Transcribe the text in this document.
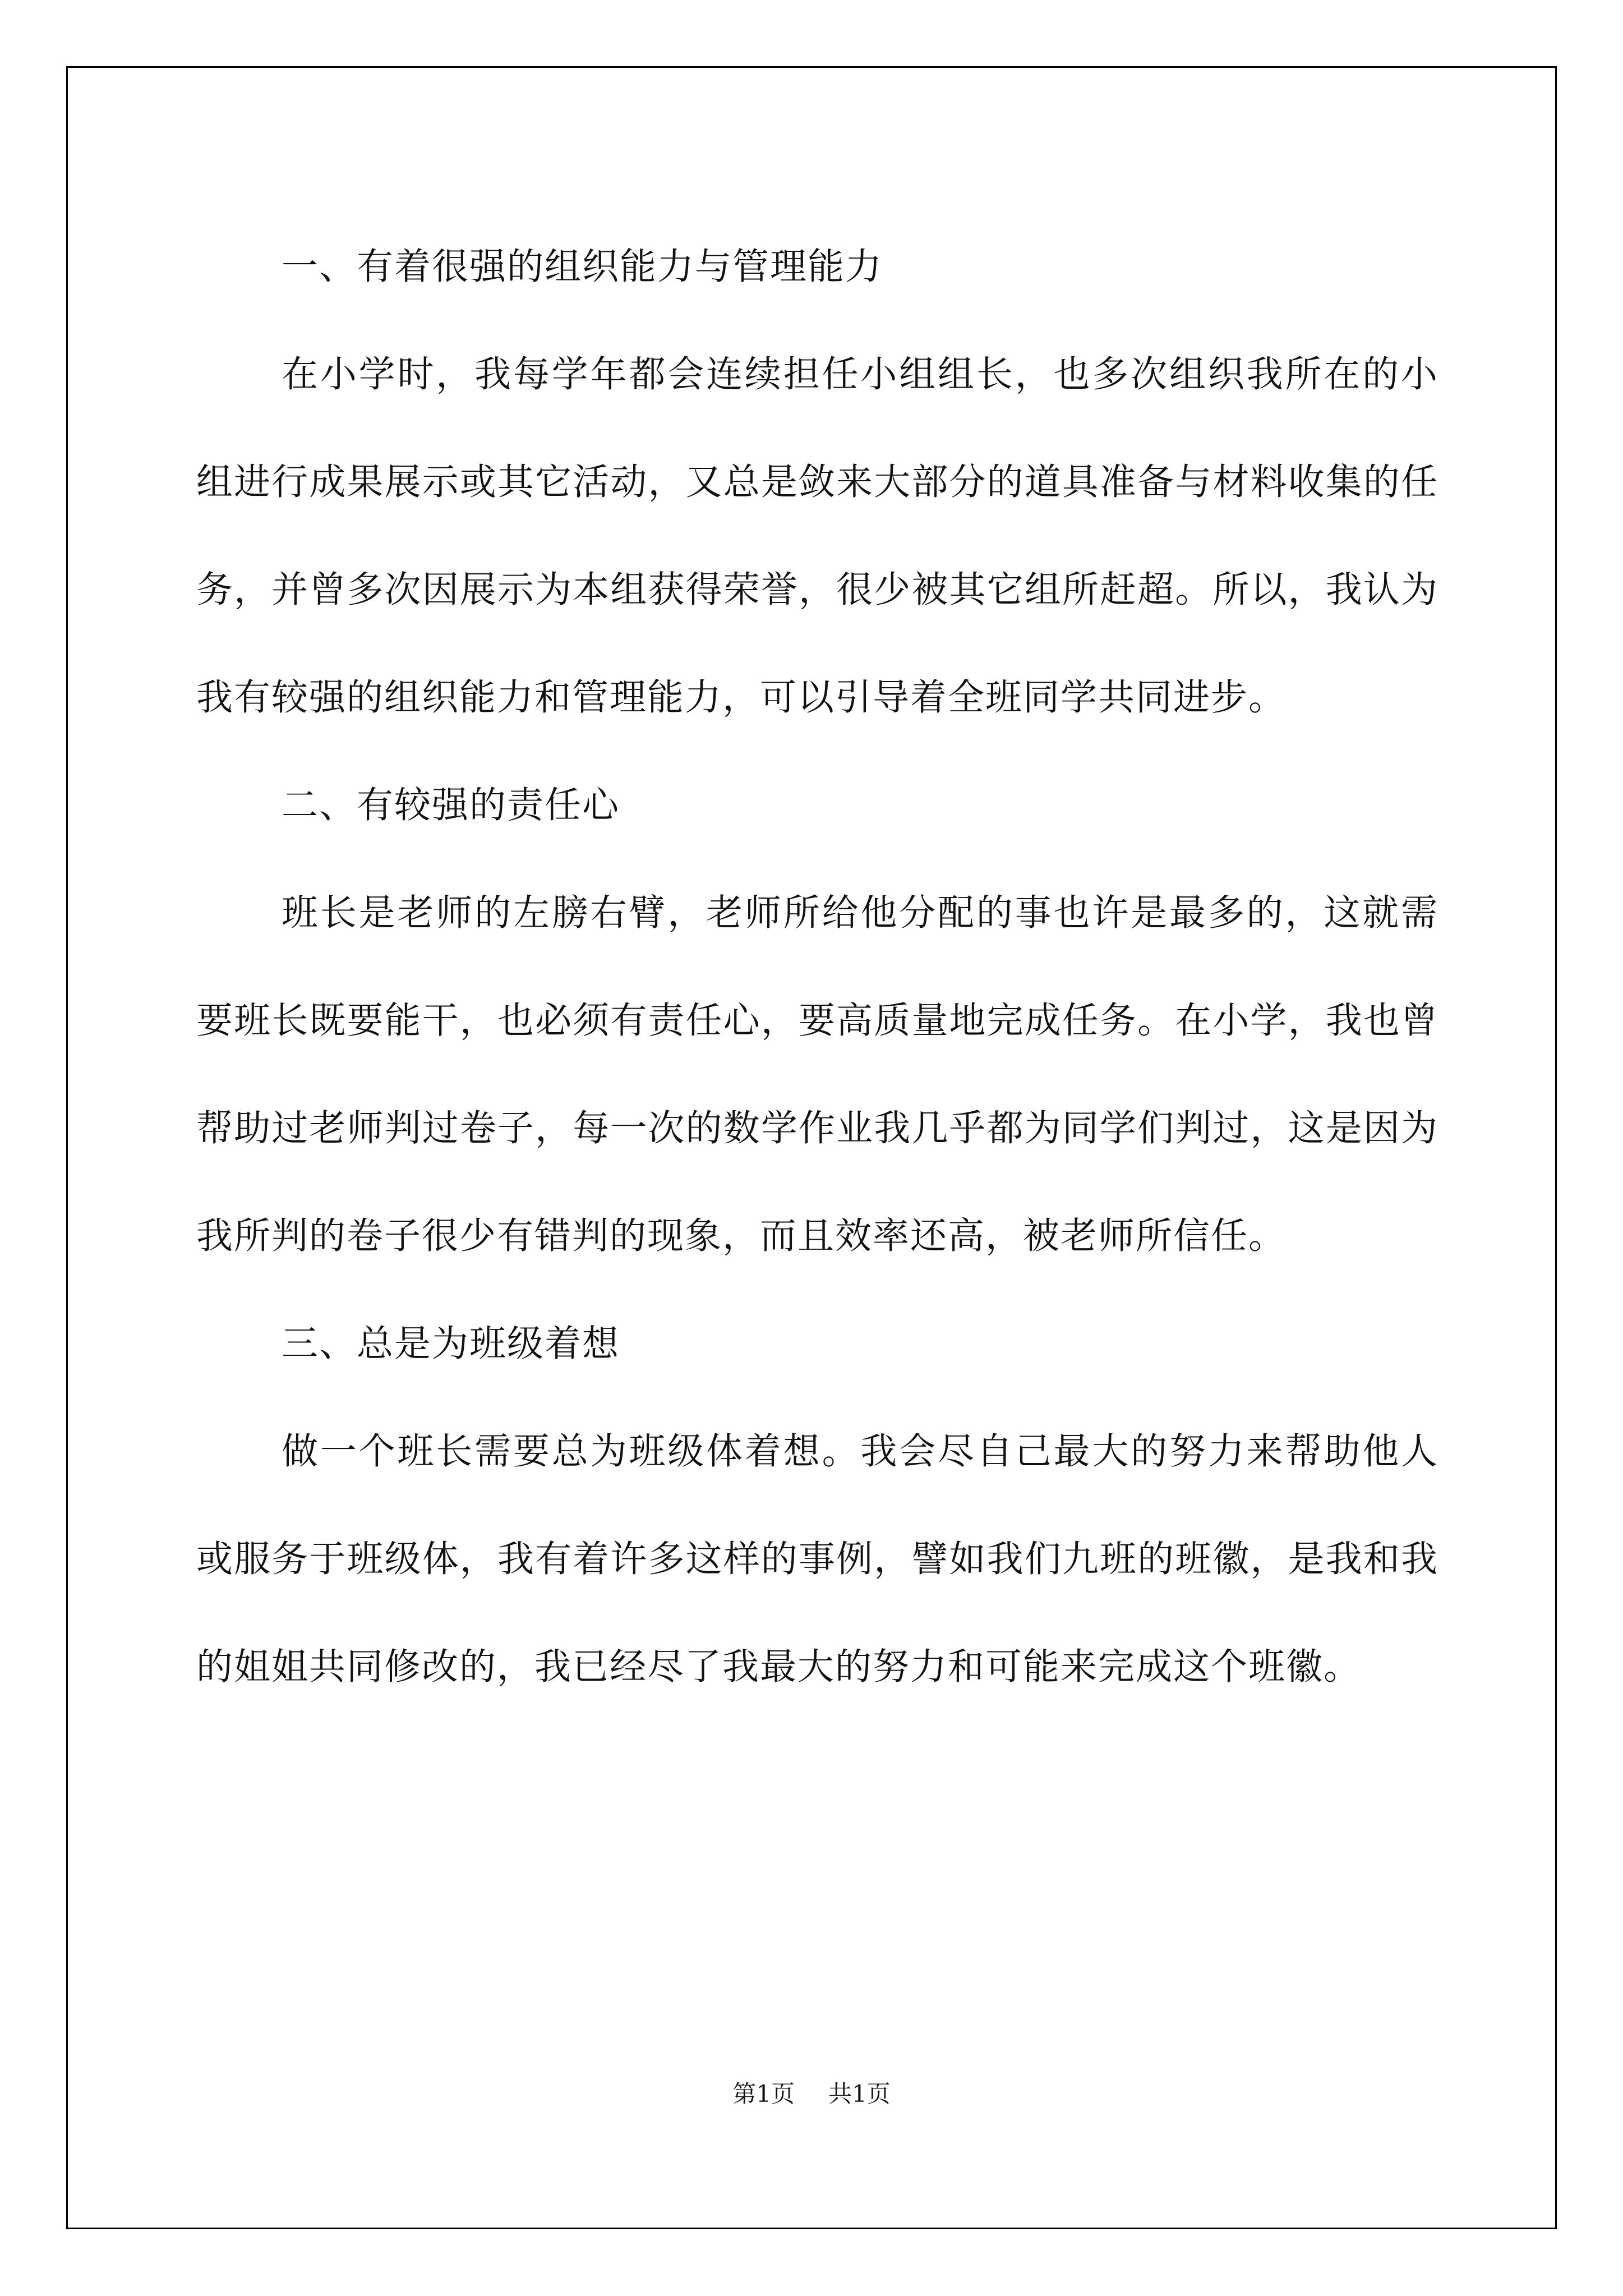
一、有着很强的组织能力与管理能力

在小学时，我每学年都会连续担任小组组长，也多次组织我所在的小组进行成果展示或其它活动，又总是敛来大部分的道具准备与材料收集的任务，并曾多次因展示为本组获得荣誉，很少被其它组所赶超。所以，我认为我有较强的组织能力和管理能力，可以引导着全班同学共同进步。

二、有较强的责任心

班长是老师的左膀右臂，老师所给他分配的事也许是最多的，这就需要班长既要能干，也必须有责任心，要高质量地完成任务。在小学，我也曾帮助过老师判过卷子，每一次的数学作业我几乎都为同学们判过，这是因为我所判的卷子很少有错判的现象，而且效率还高，被老师所信任。

三、总是为班级着想

做一个班长需要总为班级体着想。我会尽自己最大的努力来帮助他人或服务于班级体，我有着许多这样的事例，譬如我们九班的班徽，是我和我的姐姐共同修改的，我已经尽了我最大的努力和可能来完成这个班徽。

第1页 共1页
